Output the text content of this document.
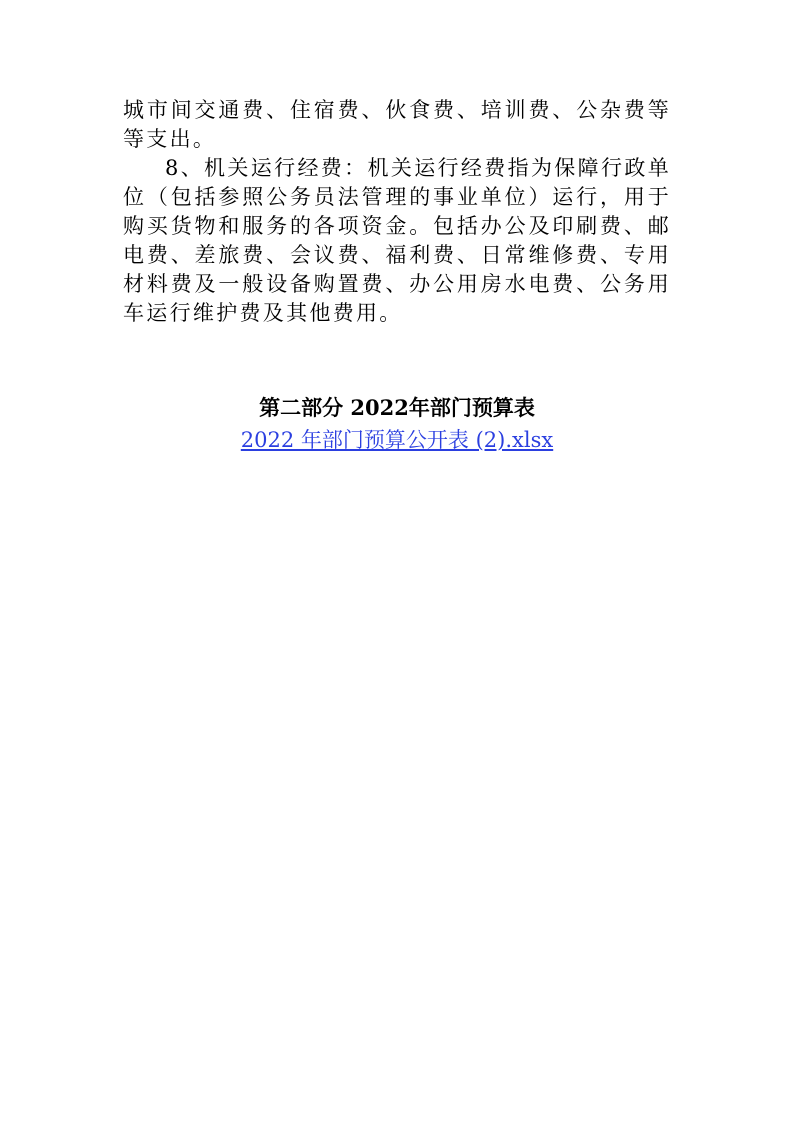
城市间交通费、住宿费、伙食费、培训费、公杂费等等支出。

8、机关运行经费：机关运行经费指为保障行政单位（包括参照公务员法管理的事业单位）运行，用于购买货物和服务的各项资金。包括办公及印刷费、邮电费、差旅费、会议费、福利费、日常维修费、专用材料费及一般设备购置费、办公用房水电费、公务用车运行维护费及其他费用。

第二部分 2022年部门预算表

2022 年部门预算公开表 (2).xlsx
